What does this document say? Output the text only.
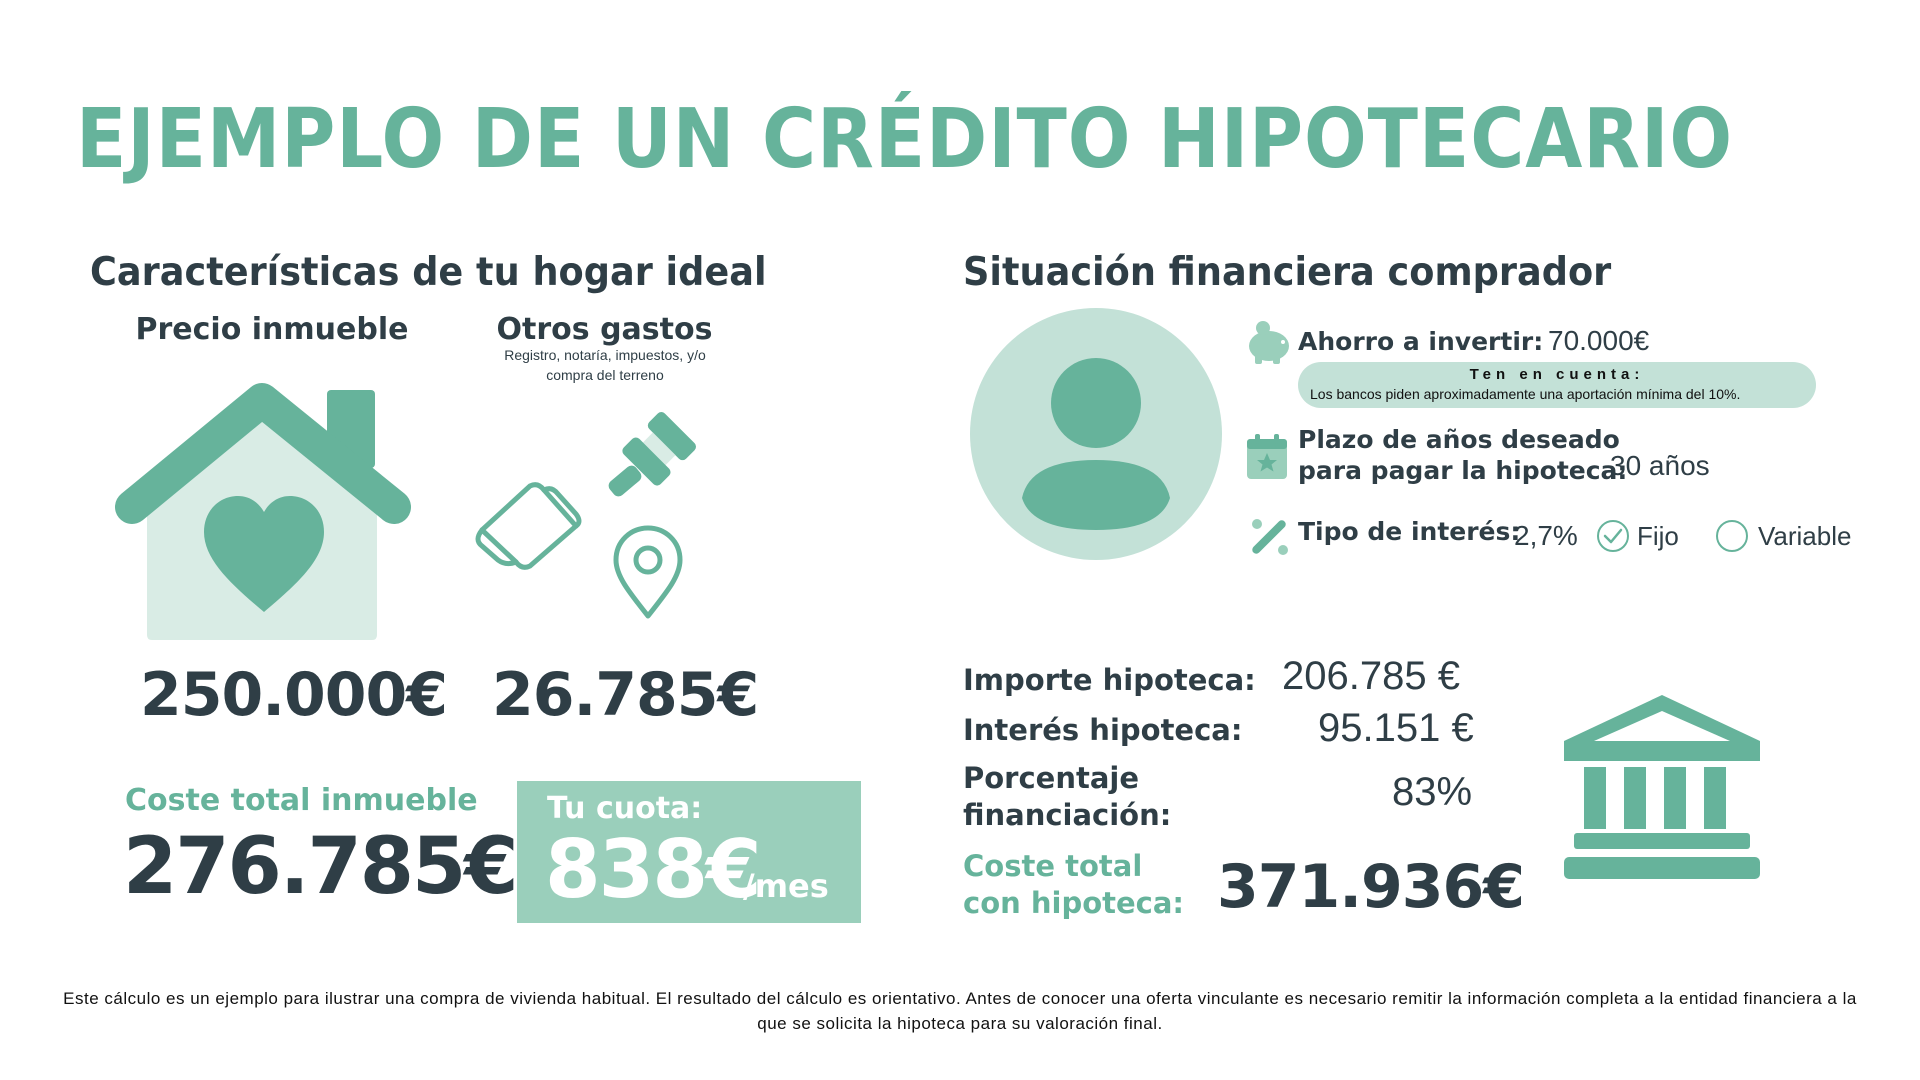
EJEMPLO DE UN CRÉDITO HIPOTECARIO
Características de tu hogar ideal
Precio inmueble	Otros gastos
Registro, notaría, impuestos, y/o compra del terreno
250.000€ 26.785€
Coste total inmueble
276.785€
Tu cuota:
838€
/mes
Situación financiera comprador
Ahorro a invertir: 70.000€
Ten en cuenta:
Los bancos piden aproximadamente una aportación mínima del 10%.
Plazo de años deseado
para pagar la hipoteca:
30 años
Tipo de interés:
2,7% Fijo	Variable
Importe hipoteca: 206.785 €
Interés hipoteca: 95.151 €
Porcentaje
financiación:
83%
Coste total
con hipoteca: 371.936€
Este cálculo es un ejemplo para ilustrar una compra de vivienda habitual. El resultado del cálculo es orientativo. Antes de conocer una oferta vinculante es necesario remitir la información completa a la entidad financiera a la que se solicita la hipoteca para su valoración final.
